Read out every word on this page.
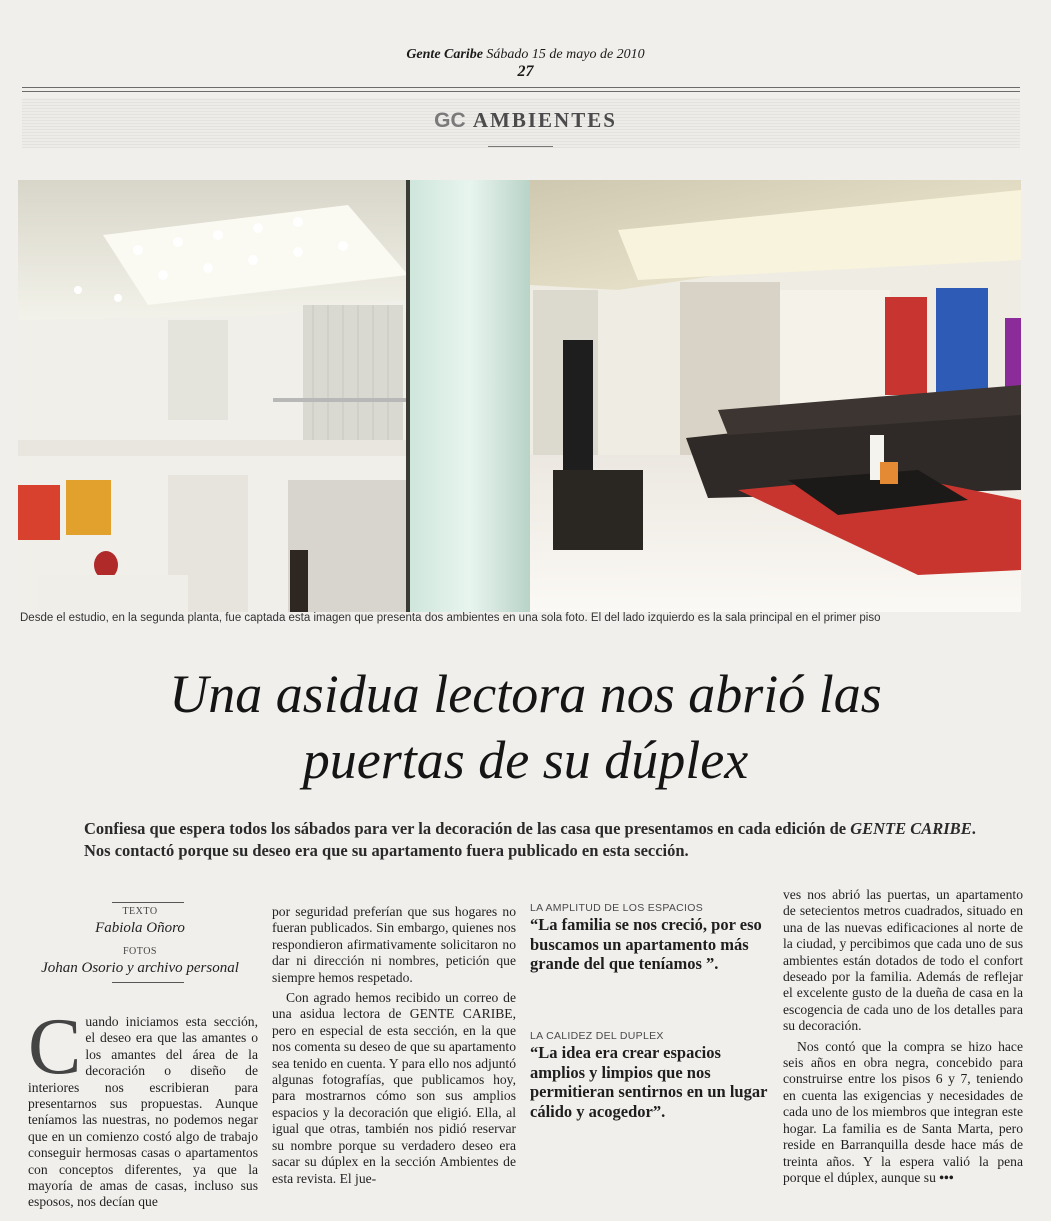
Gente Caribe Sábado 15 de mayo de 2010
27
GC AMBIENTES
Desde el estudio, en la segunda planta, fue captada esta imagen que presenta dos ambientes en una sola foto. El del lado izquierdo es la sala principal en el primer piso
Una asidua lectora nos abrió las
puertas de su dúplex
Confiesa que espera todos los sábados para ver la decoración de las casa que presentamos en cada edición de GENTE CARIBE. Nos contactó porque su deseo era que su apartamento fuera publicado en esta sección.
TEXTO
Fabiola Oñoro
FOTOS
Johan Osorio y archivo personal

Cuando iniciamos esta sección, el deseo era que las amantes o los amantes del área de la decoración o diseño de interiores nos escribieran para presentarnos sus propuestas. Aunque teníamos las nuestras, no podemos negar que en un comienzo costó algo de trabajo conseguir hermosas casas o apartamentos con conceptos diferentes, ya que la mayoría de amas de casas, incluso sus esposos, nos decían que

por seguridad preferían que sus hogares no fueran publicados. Sin embargo, quienes nos respondieron afirmativamente solicitaron no dar ni dirección ni nombres, petición que siempre hemos respetado.

Con agrado hemos recibido un correo de una asidua lectora de GENTE CARIBE, pero en especial de esta sección, en la que nos comenta su deseo de que su apartamento sea tenido en cuenta. Y para ello nos adjuntó algunas fotografías, que publicamos hoy, para mostrarnos cómo son sus amplios espacios y la decoración que eligió. Ella, al igual que otras, también nos pidió reservar su nombre porque su verdadero deseo era sacar su dúplex en la sección Ambientes de esta revista. El jue-

LA AMPLITUD DE LOS ESPACIOS
“La familia se nos creció, por eso buscamos un apartamento más grande del que teníamos ”.
LA CALIDEZ DEL DUPLEX
“La idea era crear espacios amplios y limpios que nos permitieran sentirnos en un lugar cálido y acogedor”.

ves nos abrió las puertas, un apartamento de setecientos metros cuadrados, situado en una de las nuevas edificaciones al norte de la ciudad, y percibimos que cada uno de sus ambientes están dotados de todo el confort deseado por la familia. Además de reflejar el excelente gusto de la dueña de casa en la escogencia de cada uno de los detalles para su decoración.

Nos contó que la compra se hizo hace seis años en obra negra, concebido para construirse entre los pisos 6 y 7, teniendo en cuenta las exigencias y necesidades de cada uno de los miembros que integran este hogar. La familia es de Santa Marta, pero reside en Barranquilla desde hace más de treinta años. Y la espera valió la pena porque el dúplex, aunque su •••
